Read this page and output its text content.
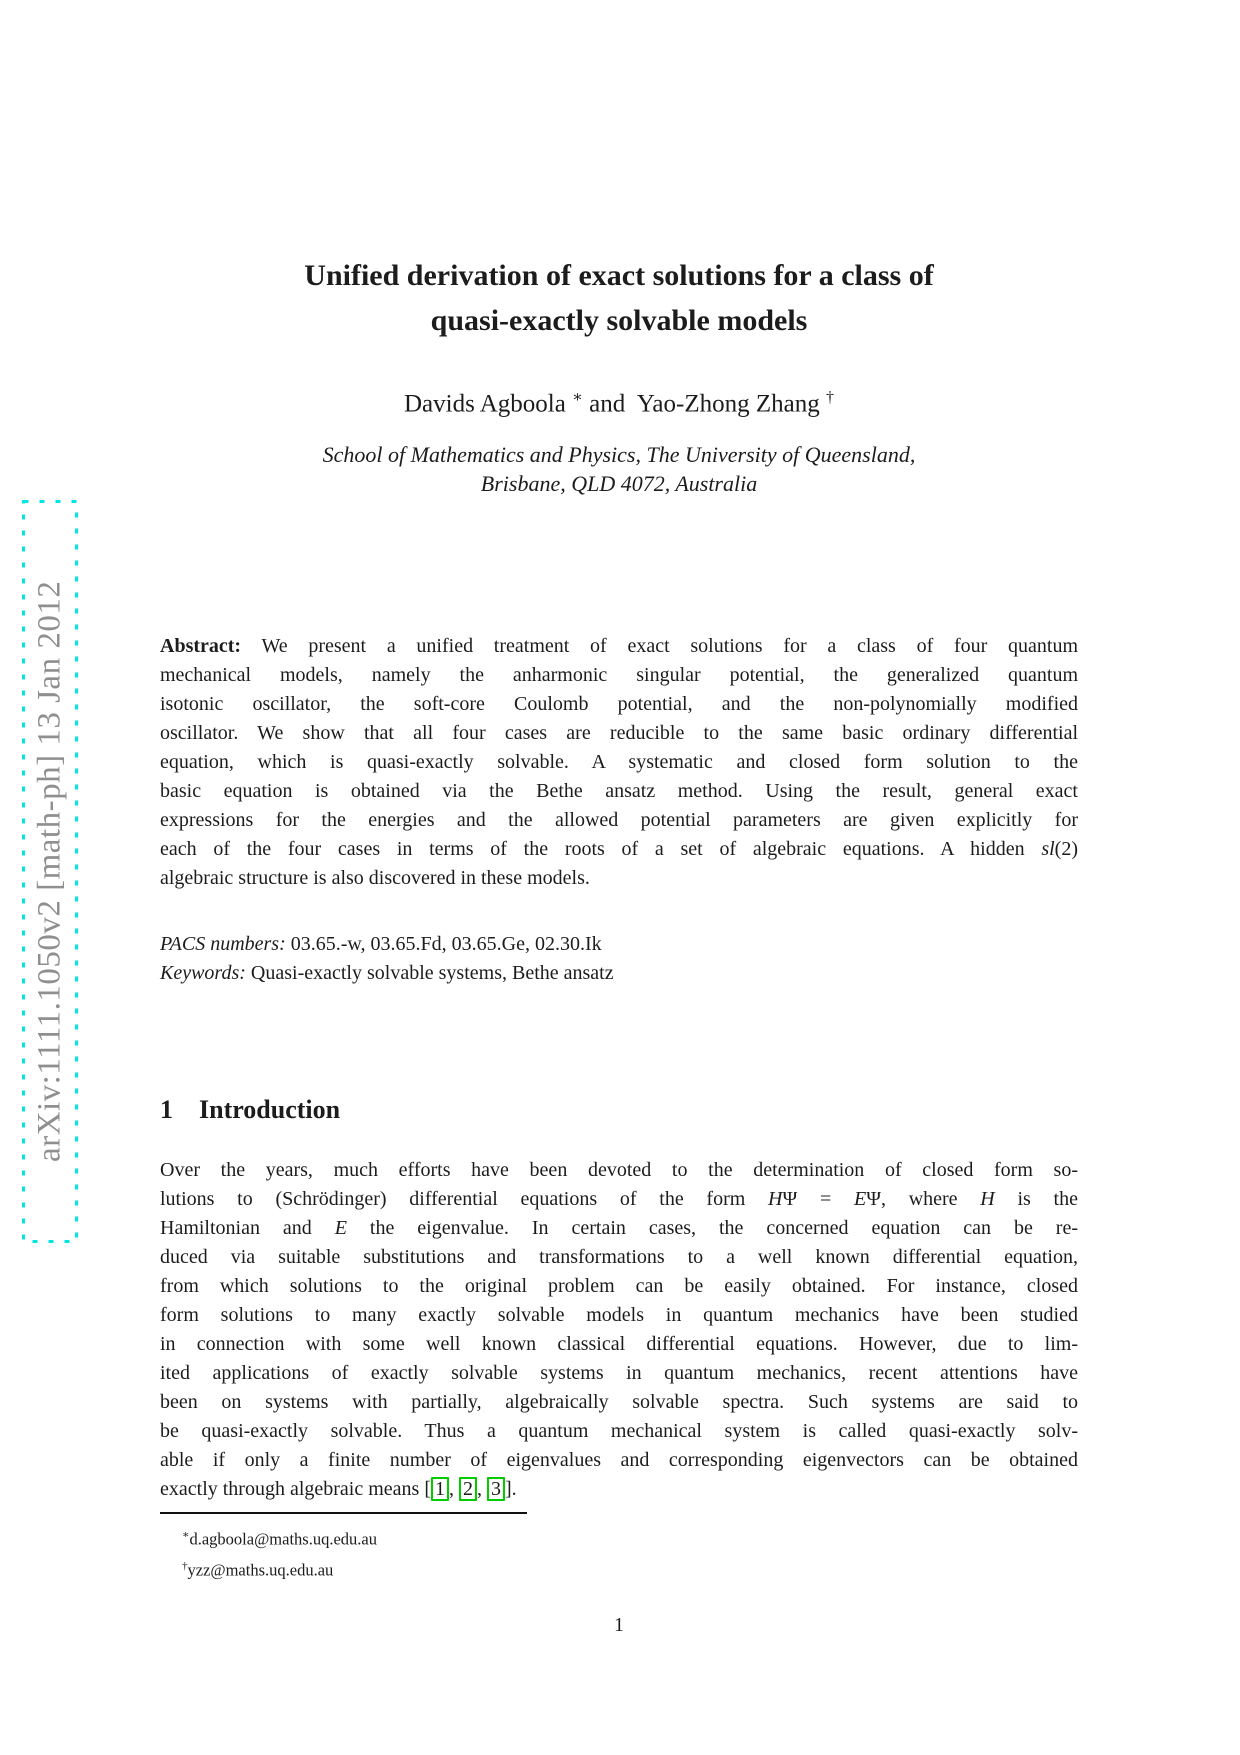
arXiv:1111.1050v2 [math-ph] 13 Jan 2012
Unified derivation of exact solutions for a class of
quasi-exactly solvable models
Davids Agboola ∗ and Yao-Zhong Zhang †
School of Mathematics and Physics, The University of Queensland,
Brisbane, QLD 4072, Australia
Abstract: We present a unified treatment of exact solutions for a class of four quantum
mechanical models, namely the anharmonic singular potential, the generalized quantum
isotonic oscillator, the soft-core Coulomb potential, and the non-polynomially modified
oscillator. We show that all four cases are reducible to the same basic ordinary differential
equation, which is quasi-exactly solvable. A systematic and closed form solution to the
basic equation is obtained via the Bethe ansatz method. Using the result, general exact
expressions for the energies and the allowed potential parameters are given explicitly for
each of the four cases in terms of the roots of a set of algebraic equations. A hidden sl(2)
algebraic structure is also discovered in these models.
PACS numbers: 03.65.-w, 03.65.Fd, 03.65.Ge, 02.30.Ik
Keywords: Quasi-exactly solvable systems, Bethe ansatz
1 Introduction
Over the years, much efforts have been devoted to the determination of closed form so-
lutions to (Schrödinger) differential equations of the form HΨ = EΨ, where H is the
Hamiltonian and E the eigenvalue. In certain cases, the concerned equation can be re-
duced via suitable substitutions and transformations to a well known differential equation,
from which solutions to the original problem can be easily obtained. For instance, closed
form solutions to many exactly solvable models in quantum mechanics have been studied
in connection with some well known classical differential equations. However, due to lim-
ited applications of exactly solvable systems in quantum mechanics, recent attentions have
been on systems with partially, algebraically solvable spectra. Such systems are said to
be quasi-exactly solvable. Thus a quantum mechanical system is called quasi-exactly solv-
able if only a finite number of eigenvalues and corresponding eigenvectors can be obtained
exactly through algebraic means [ 1 , 2 , 3 ].
∗d.agboola@maths.uq.edu.au
†yzz@maths.uq.edu.au
1
